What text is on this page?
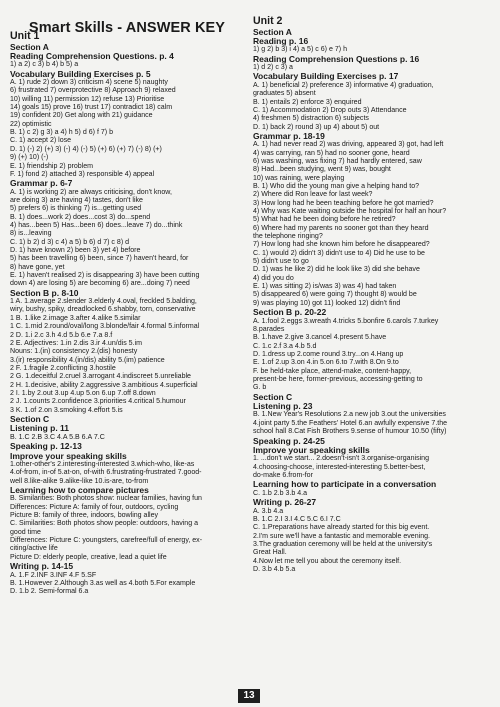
Smart Skills - ANSWER KEY
Unit 1
Section A
Reading Comprehension Questions. p. 4
1) a 2) c 3) b 4) b 5) a
Vocabulary Building Exercises p. 5
A. 1) rude 2) down 3) criticism 4) scene 5) naughty
6) frustrated 7) overprotective 8) Approach 9) relaxed
10) willing 11) permission 12) refuse 13) Prioritise
14) goals 15) prove 16) trust 17) contradict 18) calm
19) confident 20) Get along with 21) guidance
22) optimistic
B. 1) c 2) g 3) a 4) h 5) d 6) f 7) b
C. 1) accept 2) lose
D. 1) (-) 2) (+) 3) (-) 4) (-) 5) (+) 6) (+) 7) (-) 8) (+)
9) (+) 10) (-)
E. 1) friendship 2) problem
F. 1) fond 2) attached 3) responsible 4) appeal
Grammar p. 6-7
A. 1) is working 2) are always criticising, don't know,
are doing 3) are having 4) tastes, don't like
5) prefers 6) is thinking 7) is...getting used
B. 1) does...work 2) does...cost 3) do...spend
4) has...been 5) Has...been 6) does...leave 7) do...think
8) is...leaving
C. 1) b 2) d 3) c 4) a 5) b 6) d 7) c 8) d
D. 1) have known 2) been 3) yet 4) before
5) has been travelling 6) been, since 7) haven't heard, for
8) have gone, yet
E. 1) haven't realised 2) is disappearing 3) have been cutting
down 4) are losing 5) are becoming 6) are...doing 7) need
Section B p. 8-10
1 A. 1.average 2.slender 3.elderly 4.oval, freckled 5.balding,
wiry, bushy, spiky, dreadlocked 6.shabby, torn, conservative
1 B. 1.like 2.image 3.after 4.alike 5.similar
1 C. 1.mid 2.round/oval/long 3.blonde/fair 4.formal 5.informal
2 D. 1.i 2.c 3.h 4.d 5.b 6.e 7.a 8.f
2 E. Adjectives: 1.in 2.dis 3.ir 4.un/dis 5.im
Nouns: 1.(in) consistency 2.(dis) honesty
3.(ir) responsibility 4.(in/dis) ability 5.(im) patience
2 F. 1.fragile 2.conflicting 3.hostile
2 G. 1.deceitful 2.cruel 3.arrogant 4.indiscreet 5.unreliable
2 H. 1.decisive, ability 2.aggressive 3.ambitious 4.superficial
2 I. 1.by 2.out 3.up 4.up 5.on 6.up 7.off 8.down
2 J. 1.counts 2.confidence 3.priorities 4.critical 5.humour
3 K. 1.of 2.on 3.smoking 4.effort 5.is
Section C
Listening p. 11
B. 1.C 2.B 3.C 4.A 5.B 6.A 7.C
Speaking p. 12-13
Improve your speaking skills
1.other-other's 2.interesting-interested 3.which-who, like-as
4.of-from, in-of 5.at-on, of-with 6.frustrating-frustrated 7.good-
well 8.like-alike 9.alike-like 10.is-are, to-from
Learning how to compare pictures
B. Similarities: Both photos show: nuclear families, having fun
Differences: Picture A: family of four, outdoors, cycling
Picture B: family of three, indoors, bowling alley
C. Similarities: Both photos show people: outdoors, having a
good time
Differences: Picture C: youngsters, carefree/full of energy, ex-
citing/active life
Picture D: elderly people, creative, lead a quiet life
Writing p. 14-15
A. 1.F 2.INF 3.INF 4.F 5.SF
B. 1.However 2.Although 3.as well as 4.both 5.For example
D. 1.b 2. Semi-formal 6.a
Unit 2
Section A
Reading p. 16
1) g 2) b 3) i 4) a 5) c 6) e 7) h
Reading Comprehension Questions p. 16
1) d 2) c 3) a
Vocabulary Building Exercises p. 17
A. 1) beneficial 2) preference 3) informative 4) graduation,
graduates 5) absent
B. 1) entails 2) enforce 3) enquired
C. 1) Accommodation 2) Drop outs 3) Attendance
4) freshmen 5) distraction 6) subjects
D. 1) back 2) round 3) up 4) about 5) out
Grammar p. 18-19
A. 1) had never read 2) was driving, appeared 3) got, had left
4) was carrying, ran 5) had no sooner gone, heard
6) was washing, was fixing 7) had hardly entered, saw
8) Had...been studying, went 9) was, bought
10) was raining, were playing
B. 1) Who did the young man give a helping hand to?
2) Where did Ron leave for last week?
3) How long had he been teaching before he got married?
4) Why was Kate waiting outside the hospital for half an hour?
5) What had he been doing before he retired?
6) Where had my parents no sooner got than they heard
the telephone ringing?
7) How long had she known him before he disappeared?
C. 1) would 2) didn't 3) didn't use to 4) Did he use to be
5) didn't use to go
D. 1) was he like 2) did he look like 3) did she behave
4) did you do
E. 1) was sitting 2) is/was 3) was 4) had taken
5) disappeared 6) were going 7) thought 8) would be
9) was playing 10) got 11) looked 12) didn't find
Section B p. 20-22
A. 1.fool 2.eggs 3.wreath 4.tricks 5.bonfire 6.carols 7.turkey
8.parades
B. 1.have 2.give 3.cancel 4.present 5.have
C. 1.c 2.f 3.a 4.b 5.d
D. 1.dress up 2.come round 3.try...on 4.Hang up
E. 1.of 2.up 3.on 4.in 5.on 6.to 7.with 8.On 9.to
F. be held-take place, attend-make, content-happy,
present-be here, former-previous, accessing-getting to
G. b
Section C
Listening p. 23
B. 1.New Year's Resolutions 2.a new job 3.out the universities
4.joint party 5.the Feathers' Hotel 6.an awfully expensive 7.the
school hall 8.Cat Fish Brothers 9.sense of humour 10.50 (fifty)
Speaking p. 24-25
Improve your speaking skills
1. ...don't we start... 2.doesn't-isn't 3.organise-organising
4.choosing-choose, interested-interesting 5.better-best,
do-make 6.from-for
Learning how to participate in a conversation
C. 1.b 2.b 3.b 4.a
Writing p. 26-27
A. 3.b 4.a
B. 1.C 2.I 3.I 4.C 5.C 6.I 7.C
C. 1.Preparations have already started for this big event.
2.I'm sure we'll have a fantastic and memorable evening.
3.The graduation ceremony will be held at the university's
Great Hall.
4.Now let me tell you about the ceremony itself.
D. 3.b 4.b 5.a
13
